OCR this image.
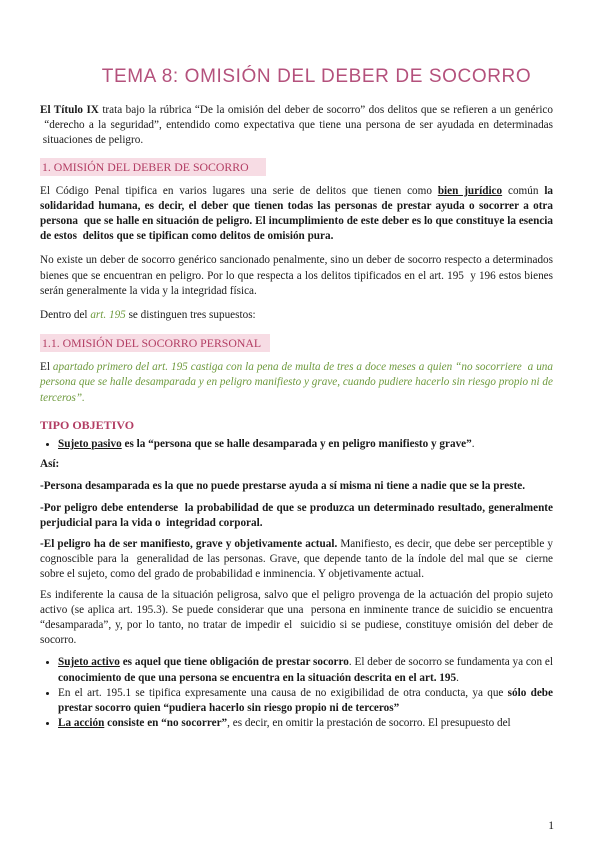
TEMA 8: OMISIÓN DEL DEBER DE SOCORRO

El Título IX trata bajo la rúbrica “De la omisión del deber de socorro” dos delitos que se refieren a un genérico  “derecho a la seguridad”, entendido como expectativa que tiene una persona de ser ayudada en determinadas  situaciones de peligro.

1. OMISIÓN DEL DEBER DE SOCORRO

El Código Penal tipifica en varios lugares una serie de delitos que tienen como bien jurídico común la solidaridad humana, es decir, el deber que tienen todas las personas de prestar ayuda o socorrer a otra persona  que se halle en situación de peligro. El incumplimiento de este deber es lo que constituye la esencia de estos  delitos que se tipifican como delitos de omisión pura.

No existe un deber de socorro genérico sancionado penalmente, sino un deber de socorro respecto a determinados bienes que se encuentran en peligro. Por lo que respecta a los delitos tipificados en el art. 195  y 196 estos bienes serán generalmente la vida y la integridad física.

Dentro del art. 195 se distinguen tres supuestos:

1.1. OMISIÓN DEL SOCORRO PERSONAL

El apartado primero del art. 195 castiga con la pena de multa de tres a doce meses a quien “no socorriere  a una persona que se halle desamparada y en peligro manifiesto y grave, cuando pudiere hacerlo sin riesgo propio ni de terceros”.

TIPO OBJETIVO

• Sujeto pasivo es la “persona que se halle desamparada y en peligro manifiesto y grave”.

Así:

-Persona desamparada es la que no puede prestarse ayuda a sí misma ni tiene a nadie que se la preste.

-Por peligro debe entenderse  la probabilidad de que se produzca un determinado resultado, generalmente perjudicial para la vida o  integridad corporal.

-El peligro ha de ser manifiesto, grave y objetivamente actual. Manifiesto, es decir, que debe ser perceptible y cognoscible para la  generalidad de las personas. Grave, que depende tanto de la índole del mal que se  cierne sobre el sujeto, como del grado de probabilidad e inminencia. Y objetivamente actual.

Es indiferente la causa de la situación peligrosa, salvo que el peligro provenga de la actuación del propio sujeto activo (se aplica art. 195.3). Se puede considerar que una  persona en inminente trance de suicidio se encuentra “desamparada”, y, por lo tanto, no tratar de impedir el  suicidio si se pudiese, constituye omisión del deber de socorro.

• Sujeto activo es aquel que tiene obligación de prestar socorro. El deber de socorro se fundamenta ya con el conocimiento de que una persona se encuentra en la situación descrita en el art. 195.
• En el art. 195.1 se tipifica expresamente una causa de no exigibilidad de otra conducta, ya que sólo debe prestar socorro quien “pudiera hacerlo sin riesgo propio ni de terceros”
• La acción consiste en “no socorrer”, es decir, en omitir la prestación de socorro. El presupuesto del
1
